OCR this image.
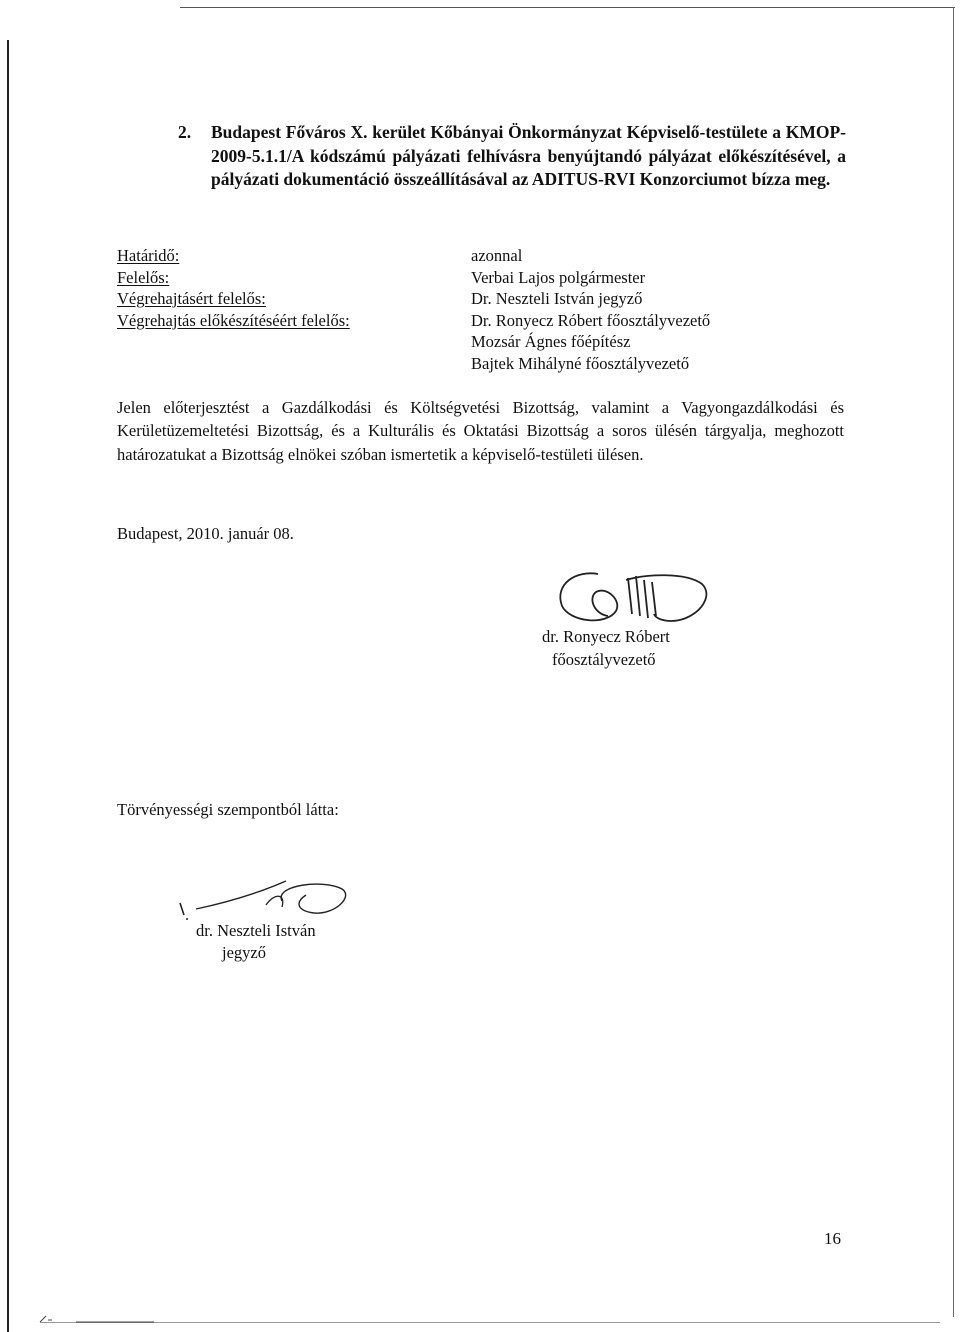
2.	Budapest Főváros X. kerület Kőbányai Önkormányzat Képviselő-testülete a KMOP-2009-5.1.1/A kódszámú pályázati felhívásra benyújtandó pályázat előkészítésével, a pályázati dokumentáció összeállításával az ADITUS-RVI Konzorciumot bízza meg.
Határidő:
Felelős:
Végrehajtásért felelős:
Végrehajtás előkészítéséért felelős:
azonnal
Verbai Lajos polgármester
Dr. Neszteli István jegyző
Dr. Ronyecz Róbert főosztályvezető
Mozsár Ágnes főépítész
Bajtek Mihályné főosztályvezető
Jelen előterjesztést a Gazdálkodási és Költségvetési Bizottság, valamint a Vagyongazdálkodási és Kerületüzemeltetési Bizottság, és a Kulturális és Oktatási Bizottság a soros ülésén tárgyalja, meghozott határozatukat a Bizottság elnökei szóban ismertetik a képviselő-testületi ülésen.
Budapest, 2010. január 08.
dr. Ronyecz Róbert
főosztályvezető
Törvényességi szempontból látta:
dr. Neszteli István
jegyző
16
